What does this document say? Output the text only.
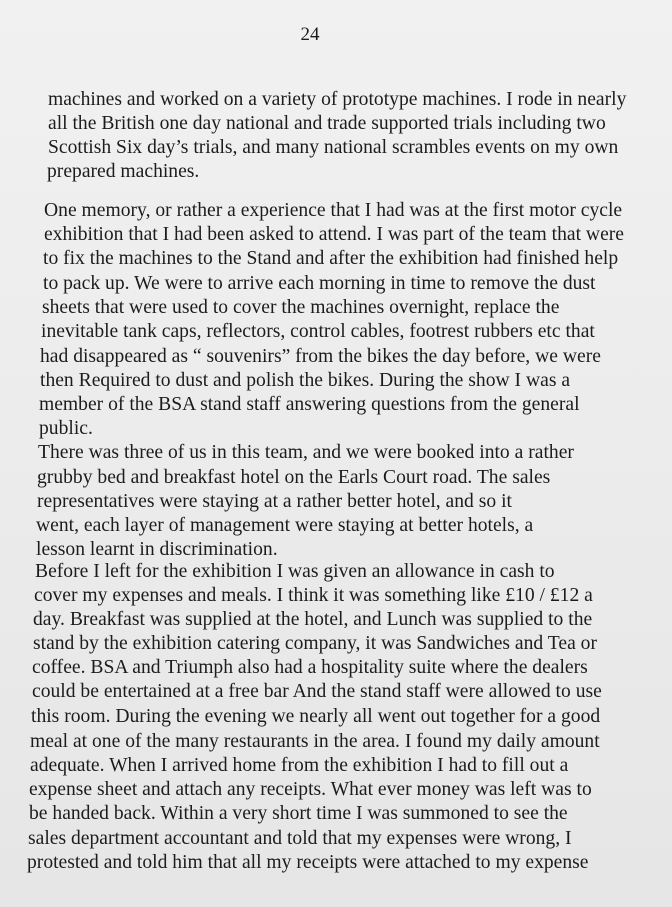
24
machines and worked on a variety of prototype machines. I rode in nearly
all the British one day national and trade supported trials including two
Scottish Six day’s trials, and many national scrambles events on my own
prepared machines.
One memory, or rather a experience that I had was at the first motor cycle
exhibition that I had been asked to attend. I was part of the team that were
to fix the machines to the Stand and after the exhibition had finished help
to pack up. We were to arrive each morning in time to remove the dust
sheets that were used to cover the machines overnight, replace the
inevitable tank caps, reflectors, control cables, footrest rubbers etc that
had disappeared as “ souvenirs” from the bikes the day before, we were
then Required to dust and polish the bikes. During the show I was a
member of the BSA stand staff answering questions from the general
public.
There was three of us in this team, and we were booked into a rather
grubby bed and breakfast hotel on the Earls Court road. The sales
representatives were staying at a rather better hotel, and so it
went, each layer of management were staying at better hotels, a
lesson learnt in discrimination.
Before I left for the exhibition I was given an allowance in cash to
cover my expenses and meals. I think it was something like £10 / £12 a
day. Breakfast was supplied at the hotel, and Lunch was supplied to the
stand by the exhibition catering company, it was Sandwiches and Tea or
coffee. BSA and Triumph also had a hospitality suite where the dealers
could be entertained at a free bar And the stand staff were allowed to use
this room. During the evening we nearly all went out together for a good
meal at one of the many restaurants in the area. I found my daily amount
adequate. When I arrived home from the exhibition I had to fill out a
expense sheet and attach any receipts. What ever money was left was to
be handed back. Within a very short time I was summoned to see the
sales department accountant and told that my expenses were wrong, I
protested and told him that all my receipts were attached to my expense
